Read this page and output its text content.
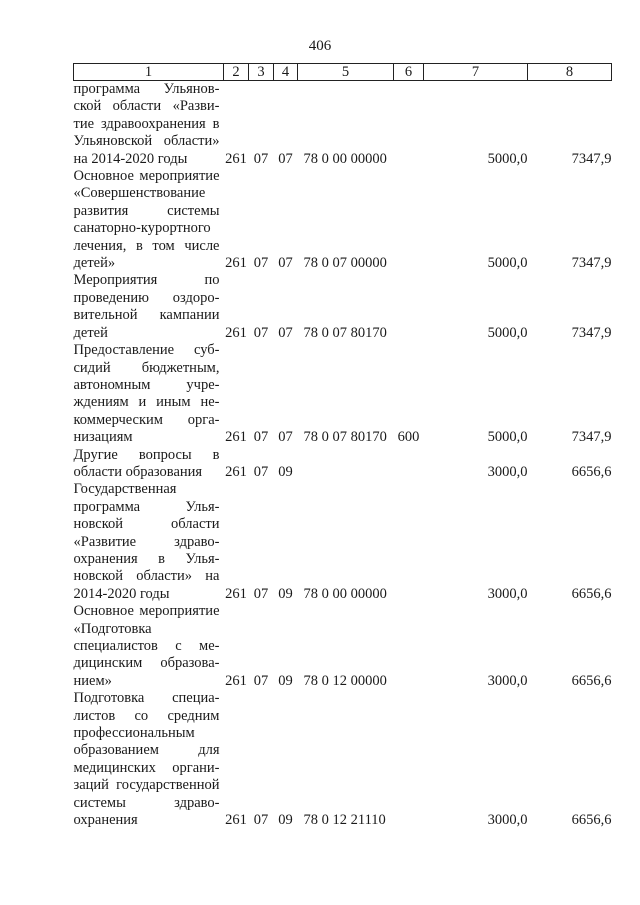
406
1	2	3	4	5	6	7	8
программа Ульяновской области «Развитие здравоохранения в Ульяновской области» на 2014-2020 годы	261	07	07	78 0 00 00000		5000,0	7347,9
Основное мероприятие «Совершенствование развития системы санаторно-курортного лечения, в том числе детей»	261	07	07	78 0 07 00000		5000,0	7347,9
Мероприятия по проведению оздоровительной кампании детей	261	07	07	78 0 07 80170		5000,0	7347,9
Предоставление субсидий бюджетным, автономным учреждениям и иным некоммерческим организациям	261	07	07	78 0 07 80170	600	5000,0	7347,9
Другие вопросы в области образования	261	07	09			3000,0	6656,6
Государственная программа Ульяновской области «Развитие здравоохранения в Ульяновской области» на 2014-2020 годы	261	07	09	78 0 00 00000		3000,0	6656,6
Основное мероприятие «Подготовка специалистов с медицинским образованием»	261	07	09	78 0 12 00000		3000,0	6656,6
Подготовка специалистов со средним профессиональным образованием для медицинских организаций государственной системы здравоохранения	261	07	09	78 0 12 21110		3000,0	6656,6
